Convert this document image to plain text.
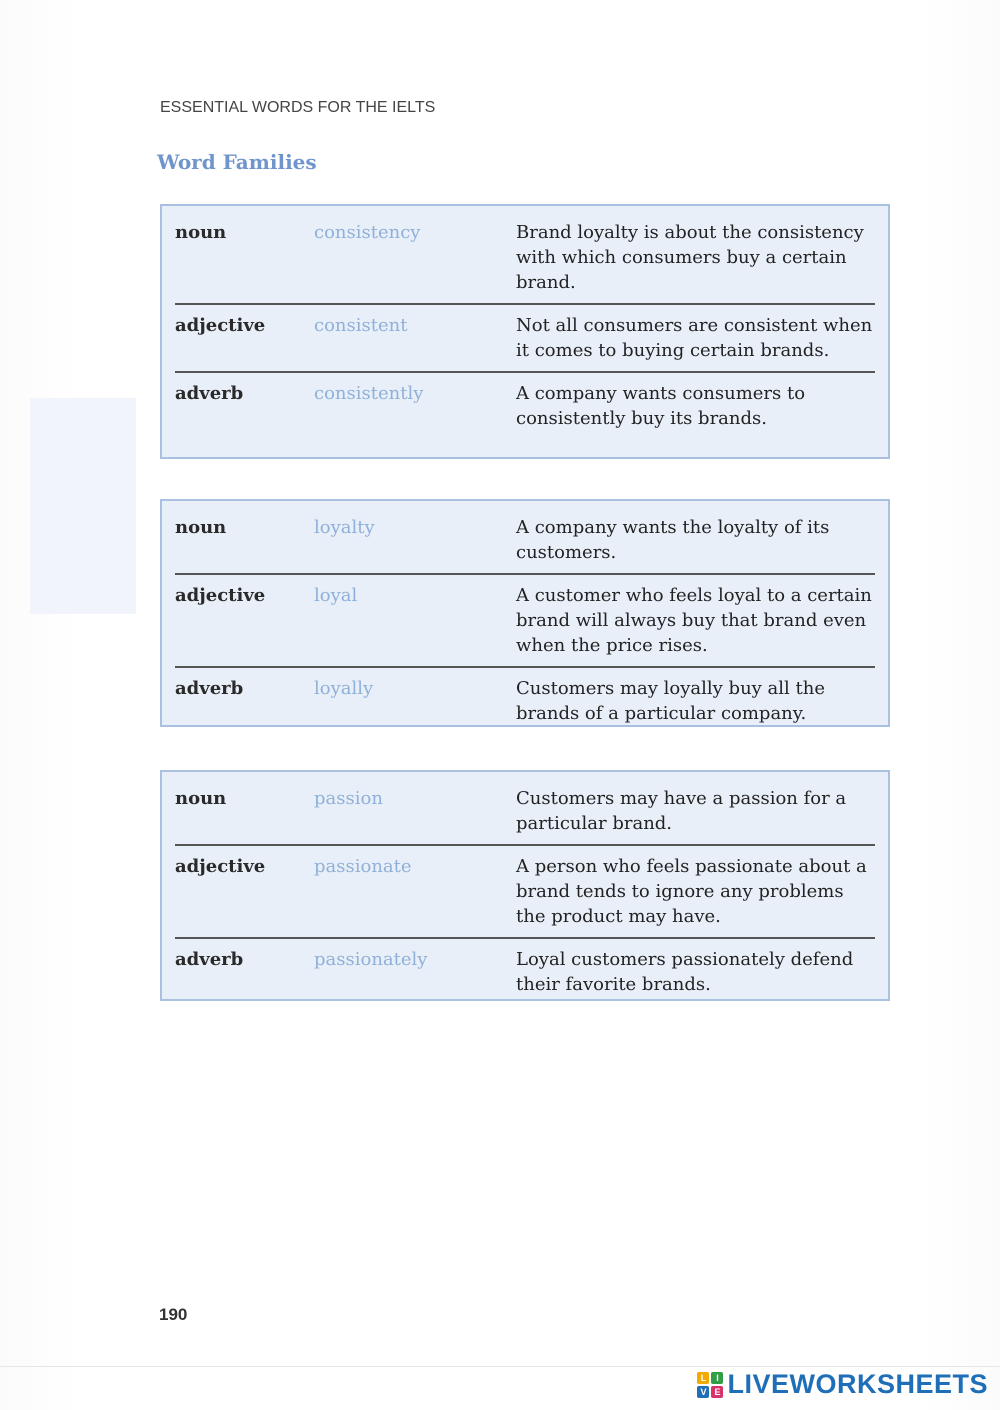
ESSENTIAL WORDS FOR THE IELTS
Word Families
noun	consistency	Brand loyalty is about the consistency with which consumers buy a certain brand.
adjective	consistent	Not all consumers are consistent when it comes to buying certain brands.
adverb	consistently	A company wants consumers to consistently buy its brands.
noun	loyalty	A company wants the loyalty of its customers.
adjective	loyal	A customer who feels loyal to a certain brand will always buy that brand even when the price rises.
adverb	loyally	Customers may loyally buy all the brands of a particular company.
noun	passion	Customers may have a passion for a particular brand.
adjective	passionate	A person who feels passionate about a brand tends to ignore any problems the product may have.
adverb	passionately	Loyal customers passionately defend their favorite brands.
190
L	I
V E LIVEWORKSHEETS
